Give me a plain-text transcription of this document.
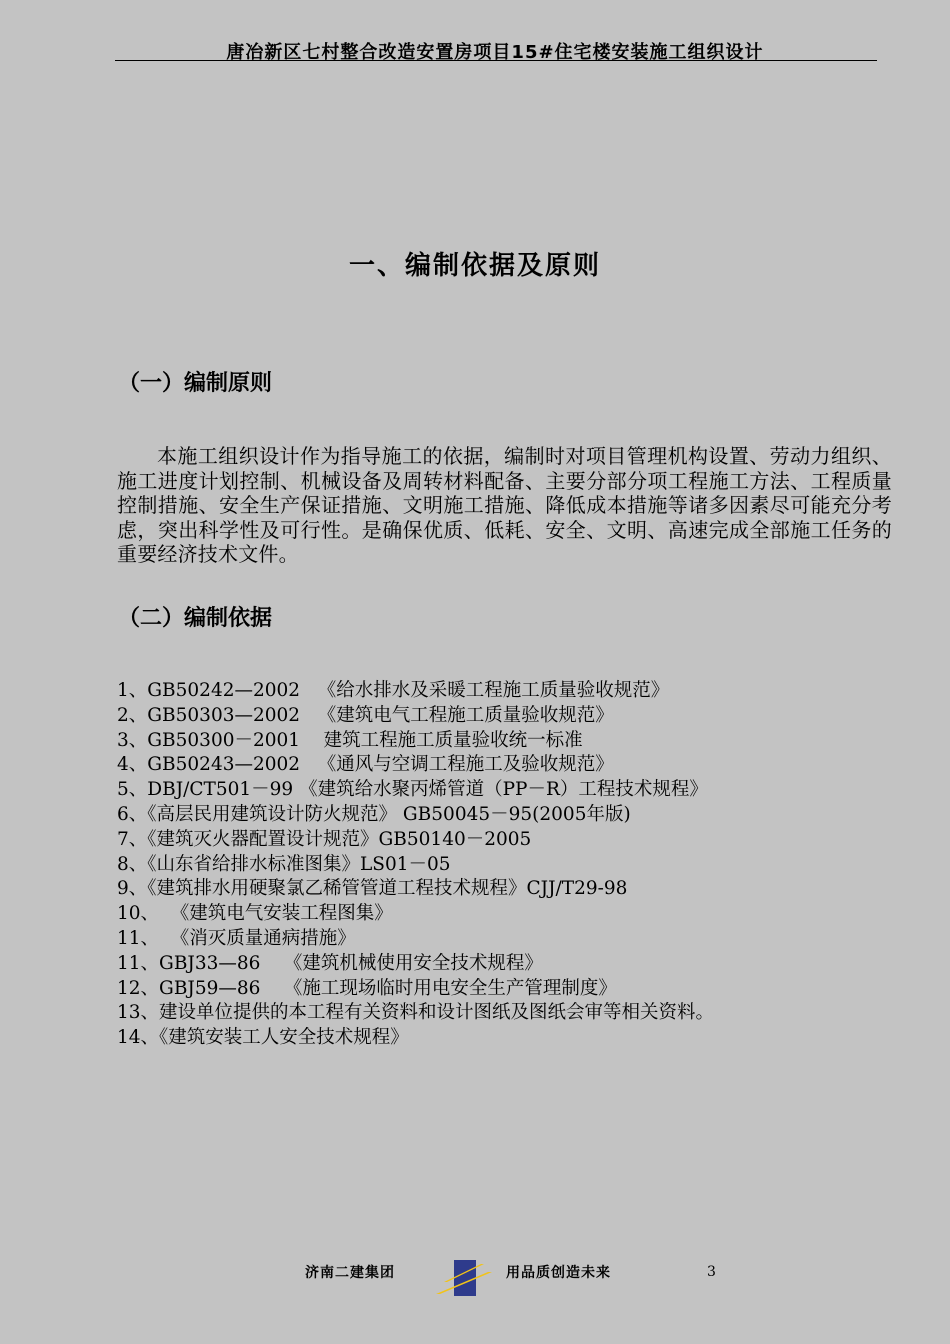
唐冶新区七村整合改造安置房项目15#住宅楼安装施工组织设计
一、编制依据及原则
（一）编制原则
本施工组织设计作为指导施工的依据，编制时对项目管理机构设置、劳动力组织、施工进度计划控制、机械设备及周转材料配备、主要分部分项工程施工方法、工程质量控制措施、安全生产保证措施、文明施工措施、降低成本措施等诸多因素尽可能充分考虑，突出科学性及可行性。是确保优质、低耗、安全、文明、高速完成全部施工任务的重要经济技术文件。
（二）编制依据
1、GB50242—2002   《给水排水及采暖工程施工质量验收规范》
2、GB50303—2002   《建筑电气工程施工质量验收规范》
3、GB50300－2001    建筑工程施工质量验收统一标准
4、GB50243—2002   《通风与空调工程施工及验收规范》
5、DBJ/CT501－99 《建筑给水聚丙烯管道（PP－R）工程技术规程》
6、《高层民用建筑设计防火规范》 GB50045－95(2005年版)
7、《建筑灭火器配置设计规范》GB50140－2005
8、《山东省给排水标准图集》LS01－05
9、《建筑排水用硬聚氯乙稀管管道工程技术规程》CJJ/T29-98
10、  《建筑电气安装工程图集》
11、  《消灭质量通病措施》
11、GBJ33—86    《建筑机械使用安全技术规程》
12、GBJ59—86    《施工现场临时用电安全生产管理制度》
13、建设单位提供的本工程有关资料和设计图纸及图纸会审等相关资料。
14、《建筑安装工人安全技术规程》
济南二建集团	用品质创造未来	3
